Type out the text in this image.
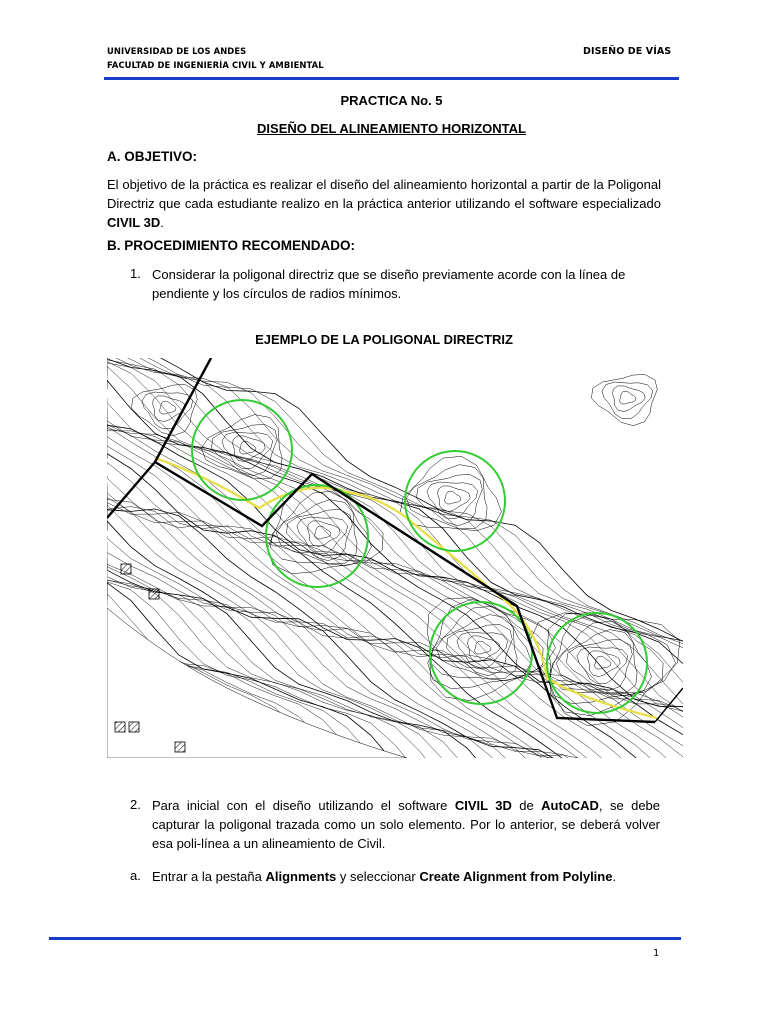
UNIVERSIDAD DE LOS ANDES
FACULTAD DE INGENIERÍA CIVIL Y AMBIENTAL
DISEÑO DE VÍAS
PRACTICA No. 5
DISEÑO DEL ALINEAMIENTO HORIZONTAL
A. OBJETIVO:
El objetivo de la práctica es realizar el diseño del alineamiento horizontal a partir de la Poligonal Directriz que cada estudiante realizo en la práctica anterior utilizando el software especializado CIVIL 3D.
B. PROCEDIMIENTO RECOMENDADO:
1. Considerar la poligonal directriz que se diseño previamente acorde con la línea de pendiente y los círculos de radios mínimos.
EJEMPLO DE LA POLIGONAL DIRECTRIZ
2. Para inicial con el diseño utilizando el software CIVIL 3D de AutoCAD, se debe capturar la poligonal trazada como un solo elemento. Por lo anterior, se deberá volver esa poli-línea a un alineamiento de Civil.
a. Entrar a la pestaña Alignments y seleccionar Create Alignment from Polyline.
1
